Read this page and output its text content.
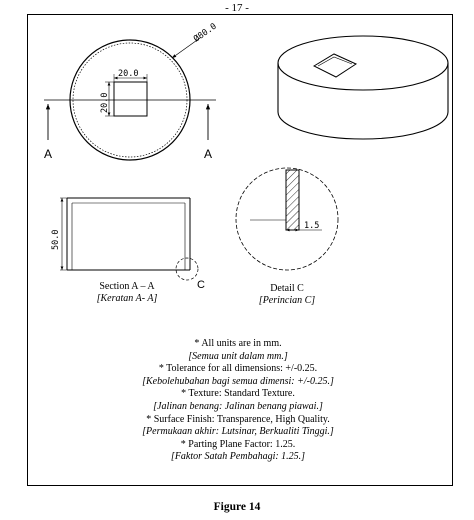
- 17 -
Ø80.0
20.0
20.0
A	A
50.0
C
1.5
Section A – A
[Keratan A- A]
Detail C
[Perincian C]
* All units are in mm.
[Semua unit dalam mm.]
* Tolerance for all dimensions: +/-0.25.
[Kebolehubahan bagi semua dimensi: +/-0.25.]
* Texture: Standard Texture.
[Jalinan benang: Jalinan benang piawai.]
* Surface Finish: Transparence, High Quality.
[Permukaan akhir: Lutsinar, Berkualiti Tinggi.]
* Parting Plane Factor: 1.25.
[Faktor Satah Pembahagi: 1.25.]
Figure 14
